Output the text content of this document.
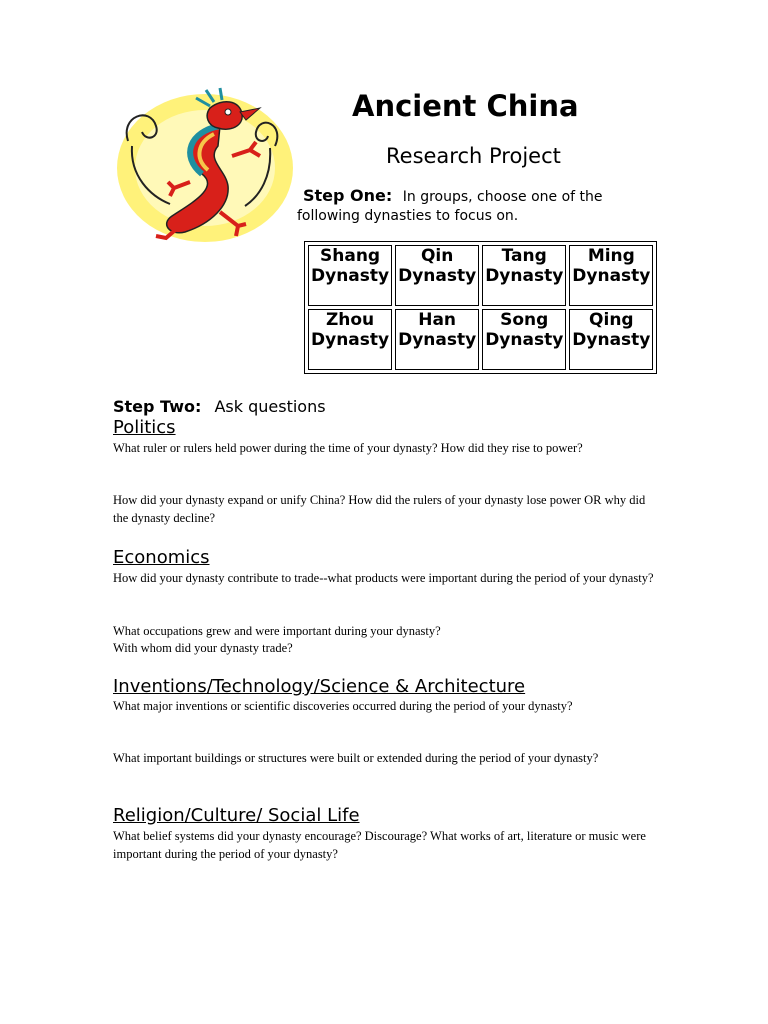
Ancient China
Research Project
Step One: In groups, choose one of the following dynasties to focus on.
Shang Dynasty	Qin Dynasty	Tang Dynasty	Ming Dynasty
Zhou Dynasty	Han Dynasty	Song Dynasty	Qing Dynasty
Step Two: Ask questions
Politics
What ruler or rulers held power during the time of your dynasty? How did they rise to power?
How did your dynasty expand or unify China? How did the rulers of your dynasty lose power OR why did the dynasty decline?
Economics
How did your dynasty contribute to trade--what products were important during the period of your dynasty?
What occupations grew and were important during your dynasty?
With whom did your dynasty trade?
Inventions/Technology/Science & Architecture
What major inventions or scientific discoveries occurred during the period of your dynasty?
What important buildings or structures were built or extended during the period of your dynasty?
Religion/Culture/ Social Life
What belief systems did your dynasty encourage? Discourage? What works of art, literature or music were important during the period of your dynasty?
